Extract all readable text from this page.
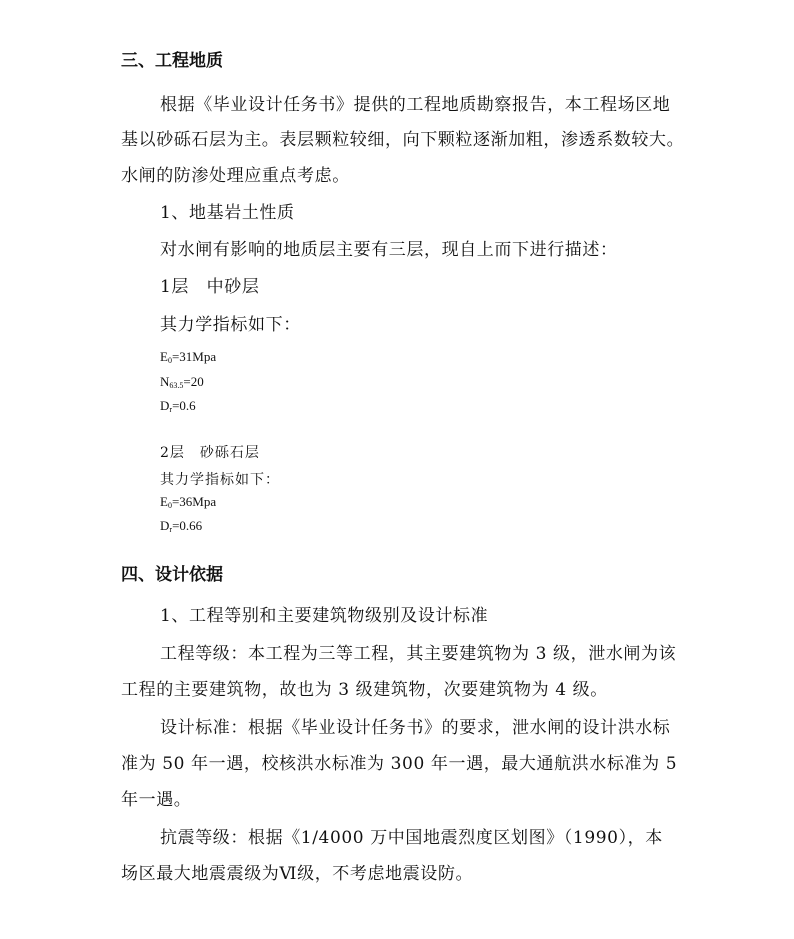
三、工程地质
根据《毕业设计任务书》提供的工程地质勘察报告，本工程场区地
基以砂砾石层为主。表层颗粒较细，向下颗粒逐渐加粗，渗透系数较大。
水闸的防渗处理应重点考虑。
1、地基岩土性质
对水闸有影响的地质层主要有三层，现自上而下进行描述：
1层　中砂层
其力学指标如下：
$E_0=31Mpa$
$N_{63.5}=20$
$D_r=0.6$
2层　砂砾石层
其力学指标如下：
$E_0=36Mpa$
$D_r=0.66$
四、设计依据
1、工程等别和主要建筑物级别及设计标准
工程等级：本工程为三等工程，其主要建筑物为 3 级，泄水闸为该
工程的主要建筑物，故也为 3 级建筑物，次要建筑物为 4 级。
设计标准：根据《毕业设计任务书》的要求，泄水闸的设计洪水标
准为 50 年一遇，校核洪水标准为 300 年一遇，最大通航洪水标准为 5
年一遇。
抗震等级：根据《1/4000 万中国地震烈度区划图》（1990），本
场区最大地震震级为Ⅵ级，不考虑地震设防。
